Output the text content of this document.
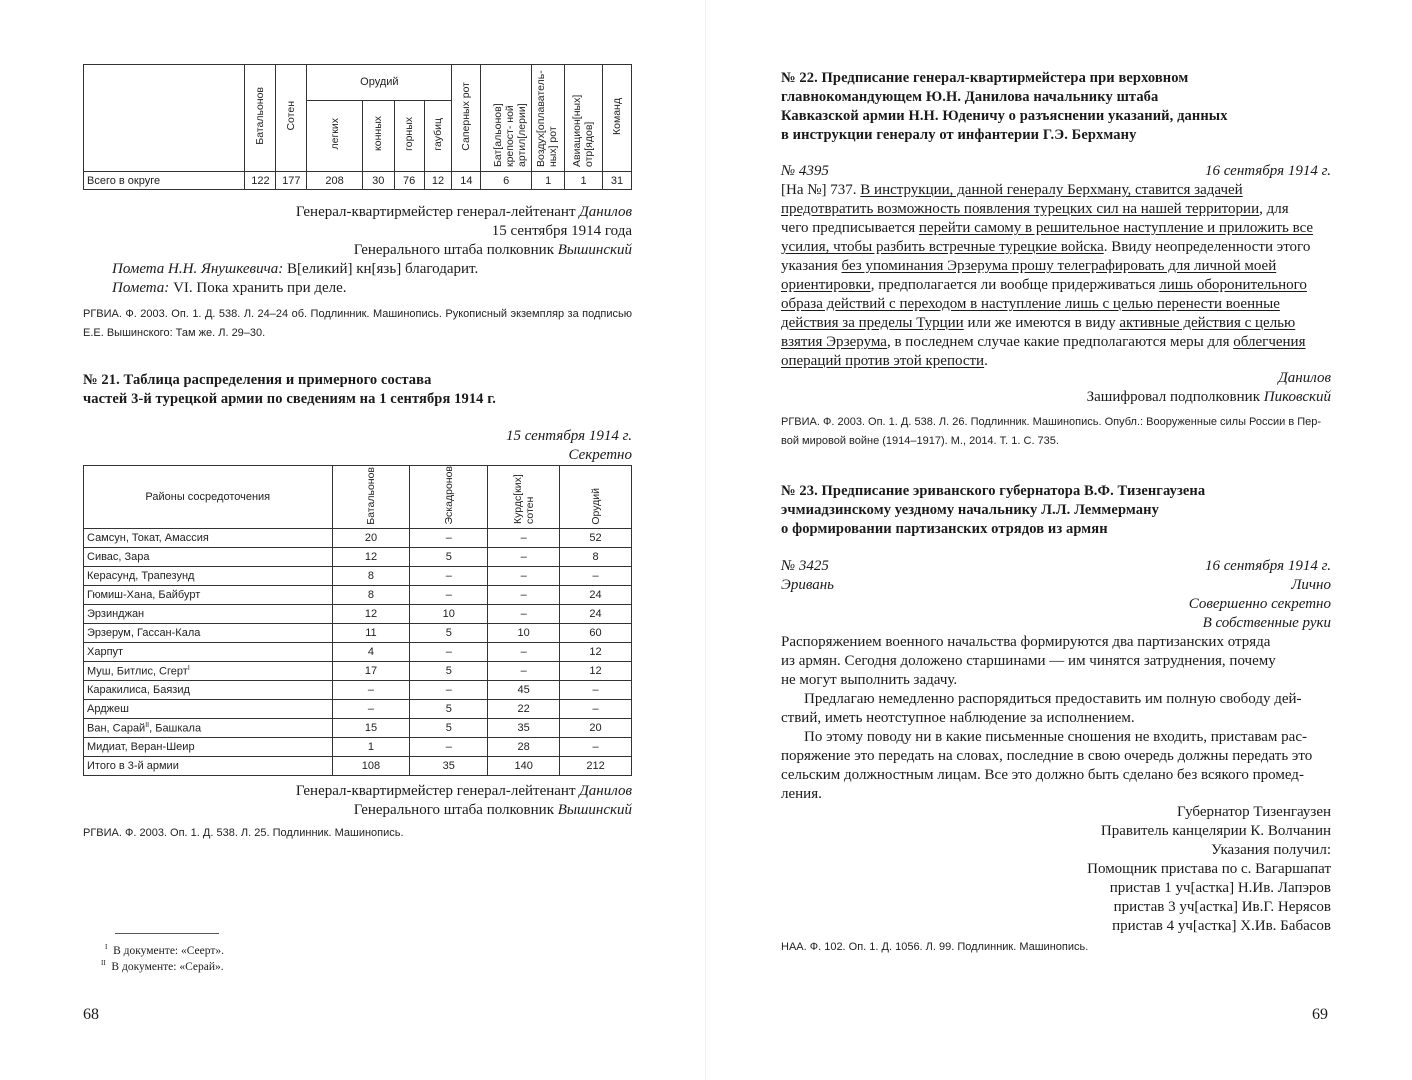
	Батальонов	Сотен	Орудий				Саперных рот	Бат[альонов] крепост- ной артил[лерии]	Воздух[оплаватель- ных] рот	Авиацион[ных] отр[ядов]	Команд

			легких	конных	горных	гаубиц					

Всего в округе	122	177	208	30	76	12	14	6	1	1	31
Генерал-квартирмейстер генерал-лейтенант Данилов
15 сентября 1914 года
Генерального штаба полковник Вышинский
Помета Н.Н. Янушкевича: В[еликий] кн[язь] благодарит.
Помета: VI. Пока хранить при деле.
РГВИА. Ф. 2003. Оп. 1. Д. 538. Л. 24–24 об. Подлинник. Машинопись. Рукописный экземпляр за подписью Е.Е. Вышинского: Там же. Л. 29–30.
№ 21. Таблица распределения и примерного состава
частей 3-й турецкой армии по сведениям на 1 сентября 1914 г.
15 сентября 1914 г.
Секретно
Районы сосредоточения	Батальонов	Эскадронов	Курдс[ких] сотен	Орудий

Самсун, Токат, Амассия	20	–	–	52
Сивас, Зара	12	5	–	8
Керасунд, Трапезунд	8	–	–	–
Гюмиш-Хана, Байбурт	8	–	–	24
Эрзинджан	12	10	–	24
Эрзерум, Гассан-Кала	11	5	10	60
Харпут	4	–	–	12
Муш, Битлис, Сгерт$^I$	17	5	–	12
Каракилиса, Баязид	–	–	45	–
Арджеш	–	5	22	–
Ван, Сарай$^{II}$, Башкала	15	5	35	20
Мидиат, Веран-Шеир	1	–	28	–
Итого в 3-й армии	108	35	140	212
Генерал-квартирмейстер генерал-лейтенант Данилов
Генерального штаба полковник Вышинский
РГВИА. Ф. 2003. Оп. 1. Д. 538. Л. 25. Подлинник. Машинопись.
$^I$ В документе: «Сеерт».
$^{II}$ В документе: «Серай».
68
№ 22. Предписание генерал-квартирмейстера при верховном
главнокомандующем Ю.Н. Данилова начальнику штаба
Кавказской армии Н.Н. Юденичу о разъяснении указаний, данных
в инструкции генералу от инфантерии Г.Э. Берхману
№ 4395	16 сентября 1914 г.
[На №] 737. В инструкции, данной генералу Берхману, ставится задачей
предотвратить возможность появления турецких сил на нашей территории, для
чего предписывается перейти самому в решительное наступление и приложить все
усилия, чтобы разбить встречные турецкие войска. Ввиду неопределенности этого
указания без упоминания Эрзерума прошу телеграфировать для личной моей
ориентировки, предполагается ли вообще придерживаться лишь оборонительного
образа действий с переходом в наступление лишь с целью перенести военные
действия за пределы Турции или же имеются в виду активные действия с целью
взятия Эрзерума, в последнем случае какие предполагаются меры для облегчения
операций против этой крепости.
Данилов
Зашифровал подполковник Пиковский
РГВИА. Ф. 2003. Оп. 1. Д. 538. Л. 26. Подлинник. Машинопись. Опубл.: Вооруженные силы России в Пер-
вой мировой войне (1914–1917). М., 2014. Т. 1. С. 735.
№ 23. Предписание эриванского губернатора В.Ф. Тизенгаузена
эчмиадзинскому уездному начальнику Л.Л. Леммерману
о формировании партизанских отрядов из армян
№ 3425
Эривань
16 сентября 1914 г.
Лично
Совершенно секретно
В собственные руки
Распоряжением военного начальства формируются два партизанских отряда
из армян. Сегодня доложено старшинами — им чинятся затруднения, почему
не могут выполнить задачу.
Предлагаю немедленно распорядиться предоставить им полную свободу дей-
ствий, иметь неотступное наблюдение за исполнением.
По этому поводу ни в какие письменные сношения не входить, приставам рас-
поряжение это передать на словах, последние в свою очередь должны передать это
сельским должностным лицам. Все это должно быть сделано без всякого промед-
ления.
Губернатор Тизенгаузен
Правитель канцелярии К. Волчанин
Указания получил:
Помощник пристава по с. Вагаршапат
пристав 1 уч[астка] Н.Ив. Лапэров
пристав 3 уч[астка] Ив.Г. Нерясов
пристав 4 уч[астка] Х.Ив. Бабасов
НАА. Ф. 102. Оп. 1. Д. 1056. Л. 99. Подлинник. Машинопись.
69
